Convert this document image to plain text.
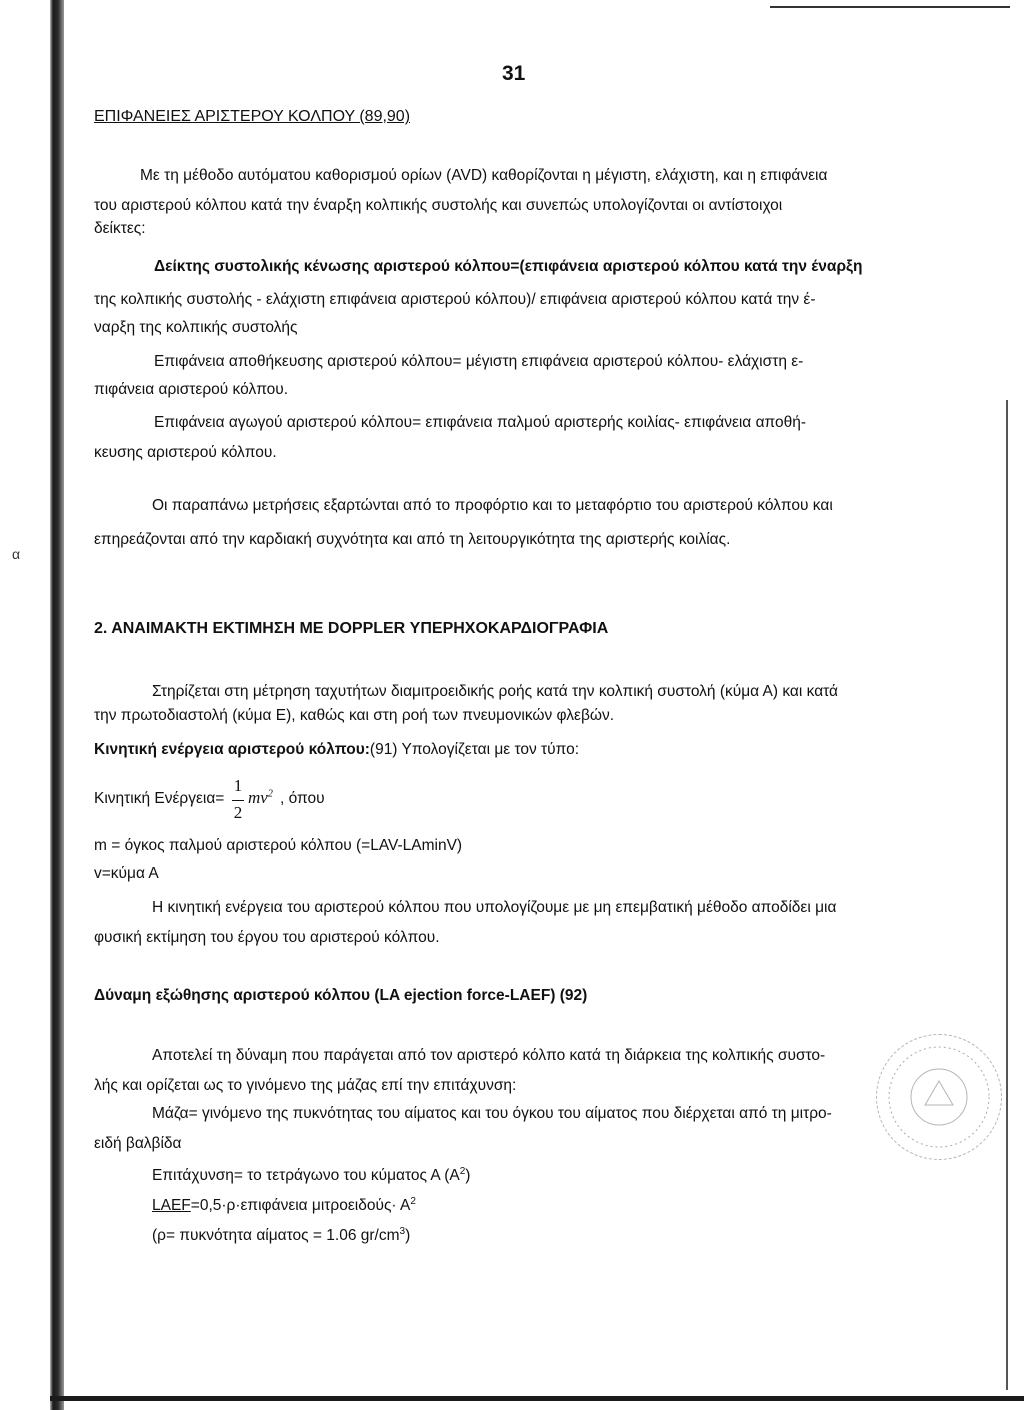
α
31
ΕΠΙΦΑΝΕΙΕΣ ΑΡΙΣΤΕΡΟΥ ΚΟΛΠΟΥ (89,90)
Με τη μέθοδο αυτόματου καθορισμού ορίων (AVD) καθορίζονται η μέγιστη, ελάχιστη, και η επιφάνεια
του αριστερού κόλπου κατά την έναρξη κολπικής συστολής και συνεπώς υπολογίζονται οι αντίστοιχοι
δείκτες:
Δείκτης συστολικής κένωσης αριστερού κόλπου=(επιφάνεια αριστερού κόλπου κατά την έναρξη
της κολπικής συστολής - ελάχιστη επιφάνεια αριστερού κόλπου)/ επιφάνεια αριστερού κόλπου κατά την έ-
ναρξη της κολπικής συστολής
Επιφάνεια αποθήκευσης αριστερού κόλπου= μέγιστη επιφάνεια αριστερού κόλπου- ελάχιστη ε-
πιφάνεια αριστερού κόλπου.
Επιφάνεια αγωγού αριστερού κόλπου= επιφάνεια παλμού αριστερής κοιλίας- επιφάνεια αποθή-
κευσης αριστερού κόλπου.
Οι παραπάνω μετρήσεις εξαρτώνται από το προφόρτιο και το μεταφόρτιο του αριστερού κόλπου και
επηρεάζονται από την καρδιακή συχνότητα και από τη λειτουργικότητα της αριστερής κοιλίας.
2. ΑΝΑΙΜΑΚΤΗ ΕΚΤΙΜΗΣΗ ΜΕ DOPPLER ΥΠΕΡΗΧΟΚΑΡΔΙΟΓΡΑΦΙΑ
Στηρίζεται στη μέτρηση ταχυτήτων διαμιτροειδικής ροής κατά την κολπική συστολή (κύμα Α) και κατά
την πρωτοδιαστολή (κύμα Ε), καθώς και στη ροή των πνευμονικών φλεβών.
Κινητική ενέργεια αριστερού κόλπου:(91) Υπολογίζεται με τον τύπο:
Κινητική Ενέργεια=
1
2
$mv^2$ , όπου
m = όγκος παλμού αριστερού κόλπου (=LAV-LAminV)
v=κύμα Α
Η κινητική ενέργεια του αριστερού κόλπου που υπολογίζουμε με μη επεμβατική μέθοδο αποδίδει μια
φυσική εκτίμηση του έργου του αριστερού κόλπου.
Δύναμη εξώθησης αριστερού κόλπου (LA ejection force-LAEF) (92)
Αποτελεί τη δύναμη που παράγεται από τον αριστερό κόλπο κατά τη διάρκεια της κολπικής συστο-
λής και ορίζεται ως το γινόμενο της μάζας επί την επιτάχυνση:
Μάζα= γινόμενο της πυκνότητας του αίματος και του όγκου του αίματος που διέρχεται από τη μιτρο-
ειδή βαλβίδα
Επιτάχυνση= το τετράγωνο του κύματος Α $(A^2)$
LAEF=0,5·ρ·επιφάνεια $\mu\iota\tau\rho o\varepsilon\iota\delta oύ\varsigma\cdot A^2$
(ρ= πυκνότητα αίματος = 1.06 $gr/cm^3$)
